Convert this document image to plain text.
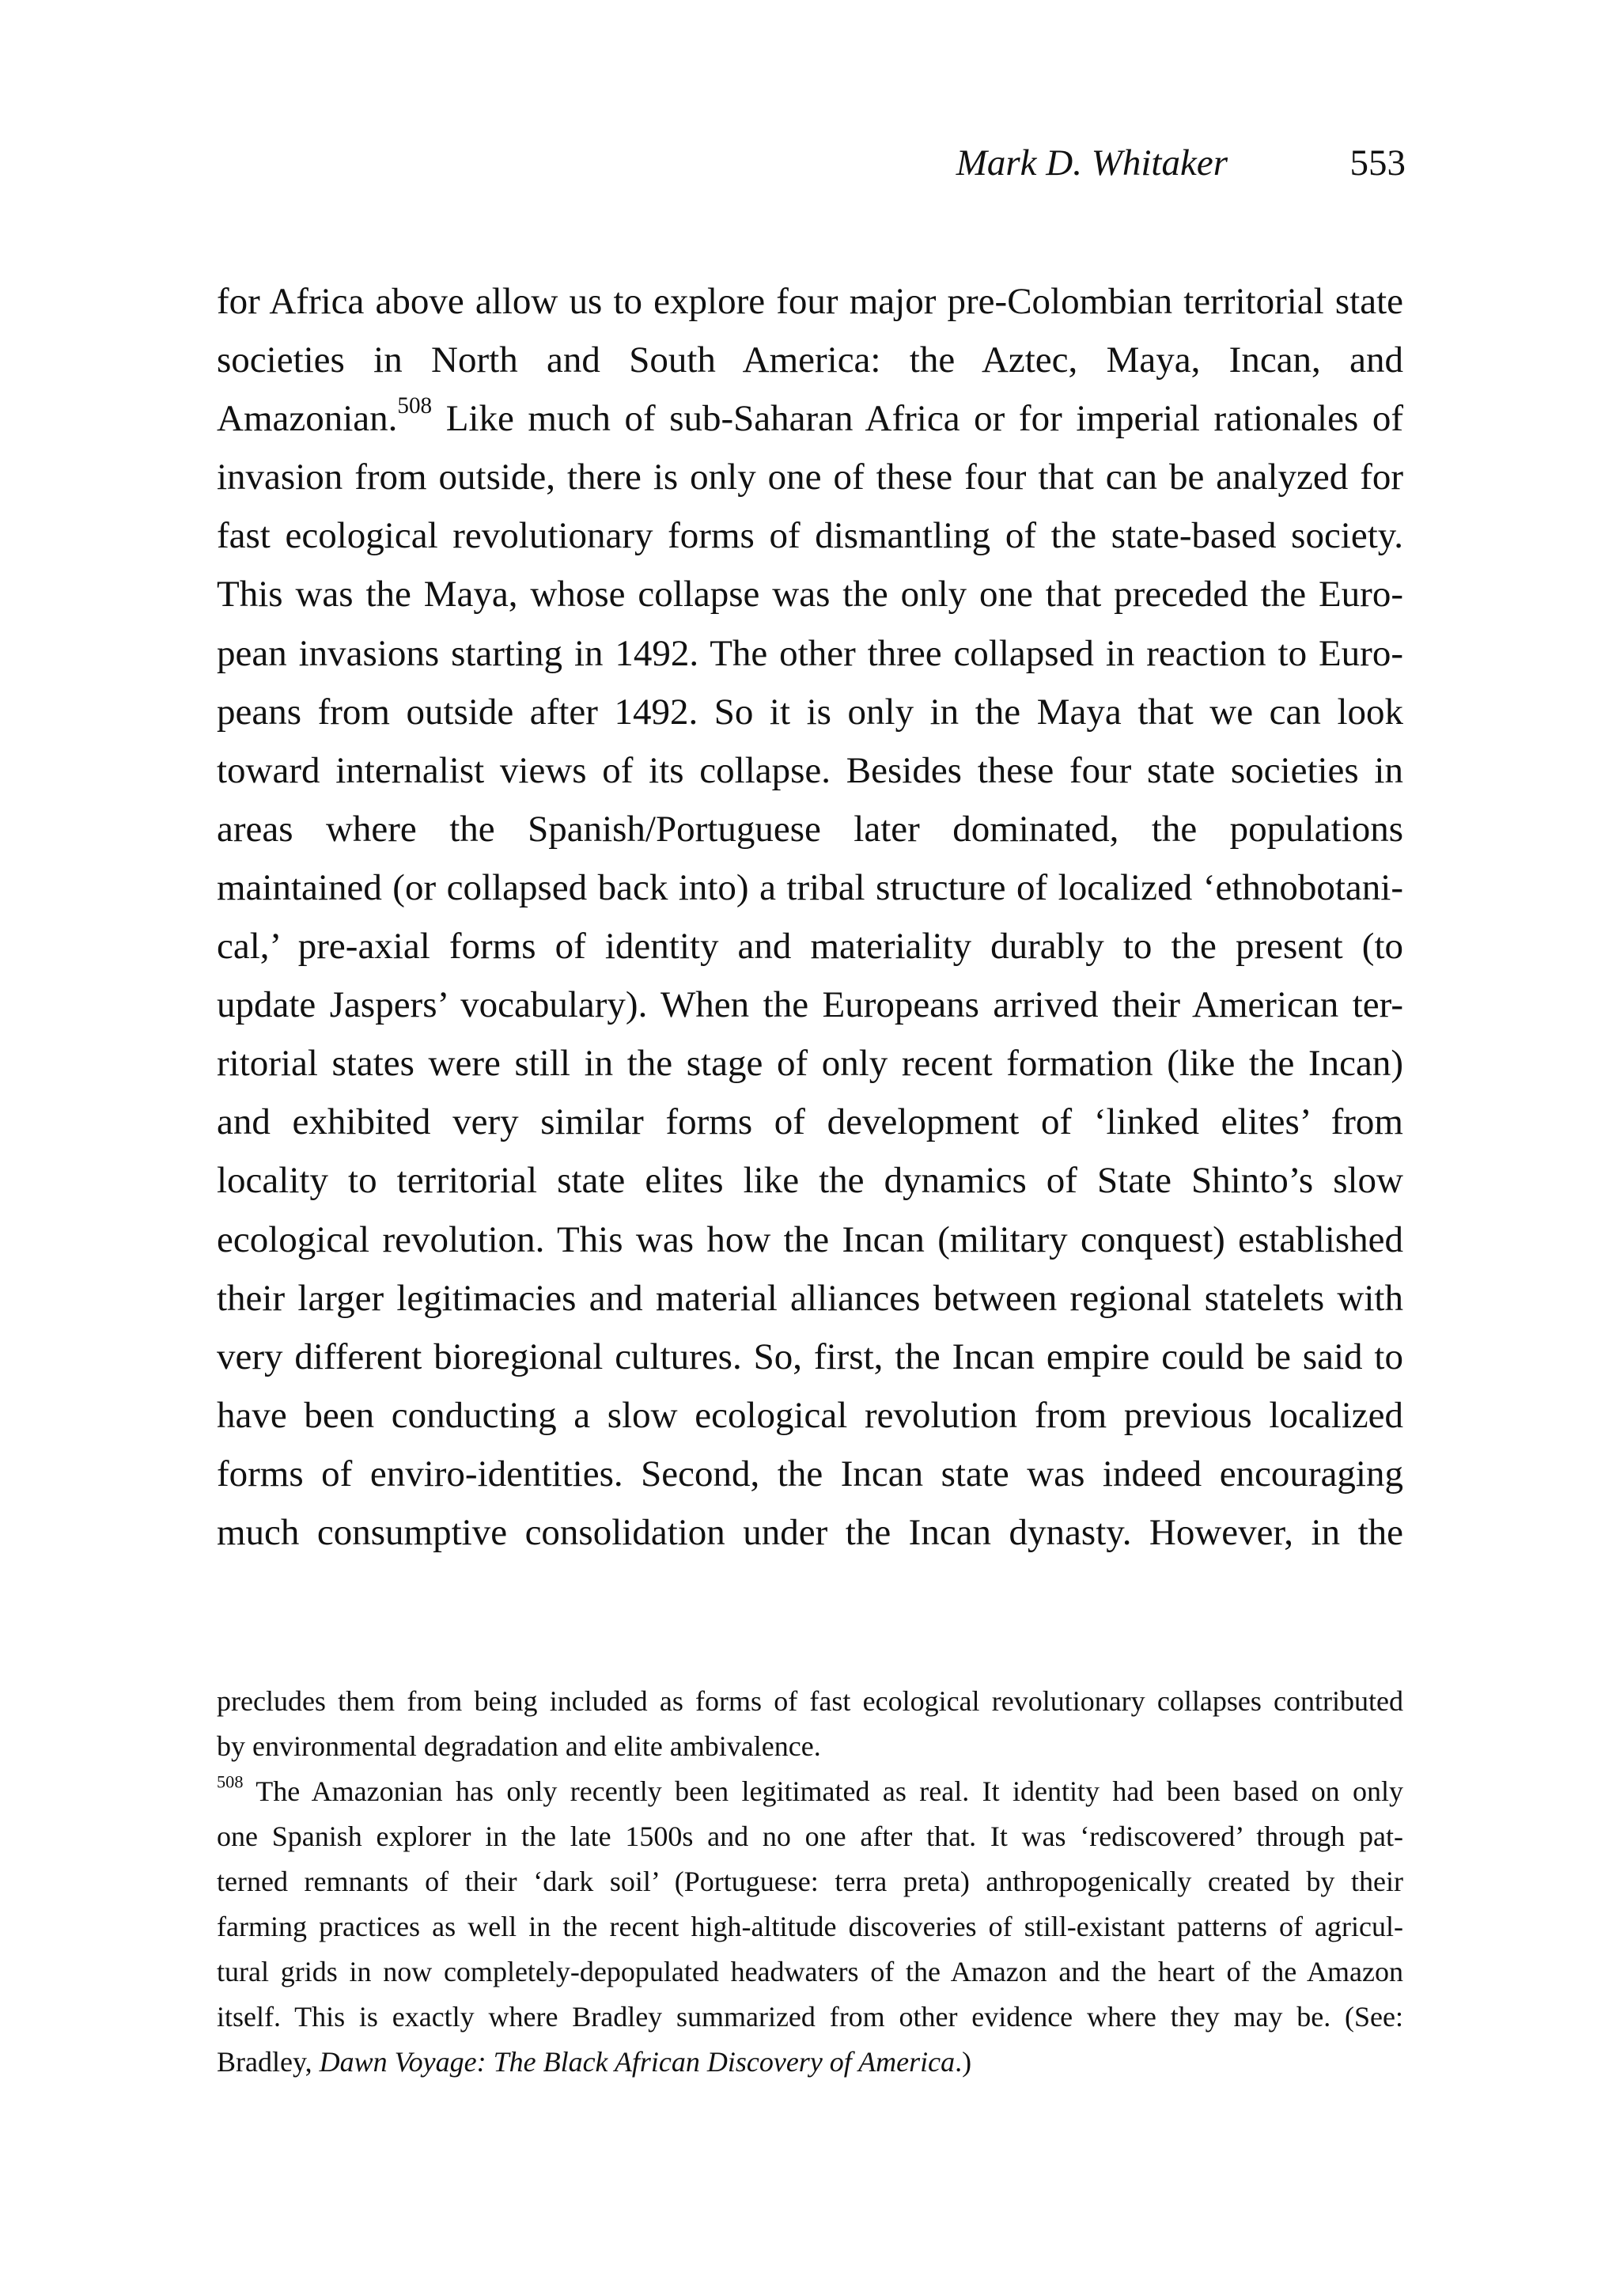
Mark D. Whitaker	553
for Africa above allow us to explore four major pre-Colombian territorial state
societies in North and South America: the Aztec, Maya, Incan, and
Amazonian.$^{508}$ Like much of sub-Saharan Africa or for imperial rationales of
invasion from outside, there is only one of these four that can be analyzed for
fast ecological revolutionary forms of dismantling of the state-based society.
This was the Maya, whose collapse was the only one that preceded the Euro-
pean invasions starting in 1492. The other three collapsed in reaction to Euro-
peans from outside after 1492. So it is only in the Maya that we can look
toward internalist views of its collapse. Besides these four state societies in
areas where the Spanish/Portuguese later dominated, the populations
maintained (or collapsed back into) a tribal structure of localized ‘ethnobotani-
cal,’ pre-axial forms of identity and materiality durably to the present (to
update Jaspers’ vocabulary). When the Europeans arrived their American ter-
ritorial states were still in the stage of only recent formation (like the Incan)
and exhibited very similar forms of development of ‘linked elites’ from
locality to territorial state elites like the dynamics of State Shinto’s slow
ecological revolution. This was how the Incan (military conquest) established
their larger legitimacies and material alliances between regional statelets with
very different bioregional cultures. So, first, the Incan empire could be said to
have been conducting a slow ecological revolution from previous localized
forms of enviro-identities. Second, the Incan state was indeed encouraging
much consumptive consolidation under the Incan dynasty. However, in the
precludes them from being included as forms of fast ecological revolutionary collapses contributed
by environmental degradation and elite ambivalence.
$^{508}$ The Amazonian has only recently been legitimated as real. It identity had been based on only
one Spanish explorer in the late 1500s and no one after that. It was ‘rediscovered’ through pat-
terned remnants of their ‘dark soil’ (Portuguese: terra preta) anthropogenically created by their
farming practices as well in the recent high-altitude discoveries of still-existant patterns of agricul-
tural grids in now completely-depopulated headwaters of the Amazon and the heart of the Amazon
itself. This is exactly where Bradley summarized from other evidence where they may be. (See:
Bradley, Dawn Voyage: The Black African Discovery of America.)
